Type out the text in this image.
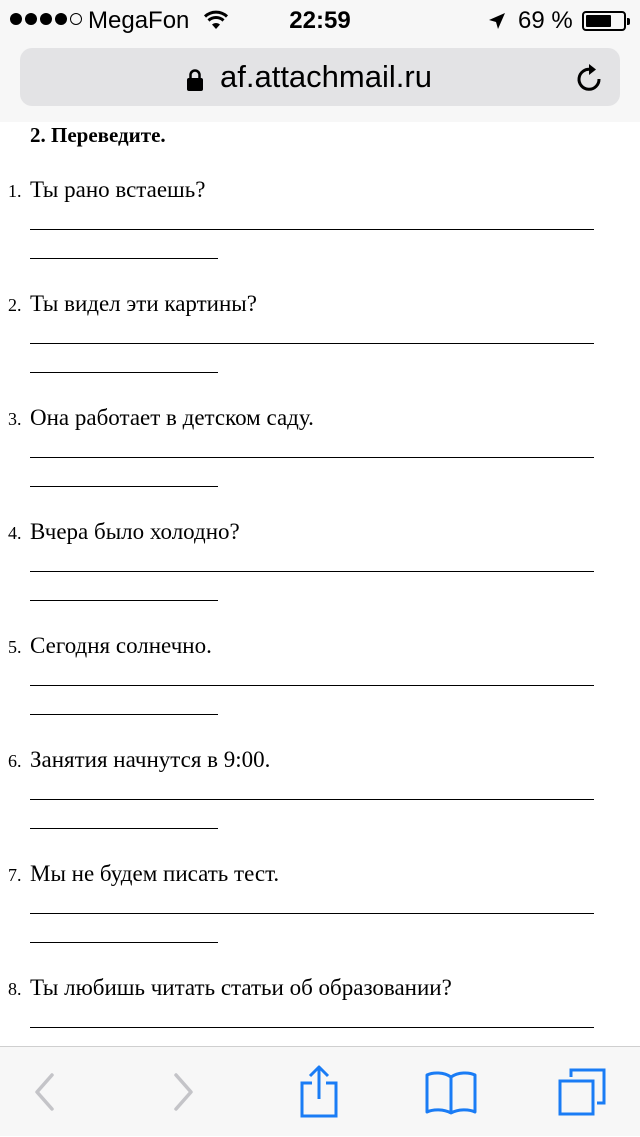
MegaFon	22:59	69 %
af.attachmail.ru
2. Переведите.
1. Ты рано встаешь?
2. Ты видел эти картины?
3. Она работает в детском саду.
4. Вчера было холодно?
5. Сегодня солнечно.
6. Занятия начнутся в 9:00.
7. Мы не будем писать тест.
8. Ты любишь читать статьи об образовании?
